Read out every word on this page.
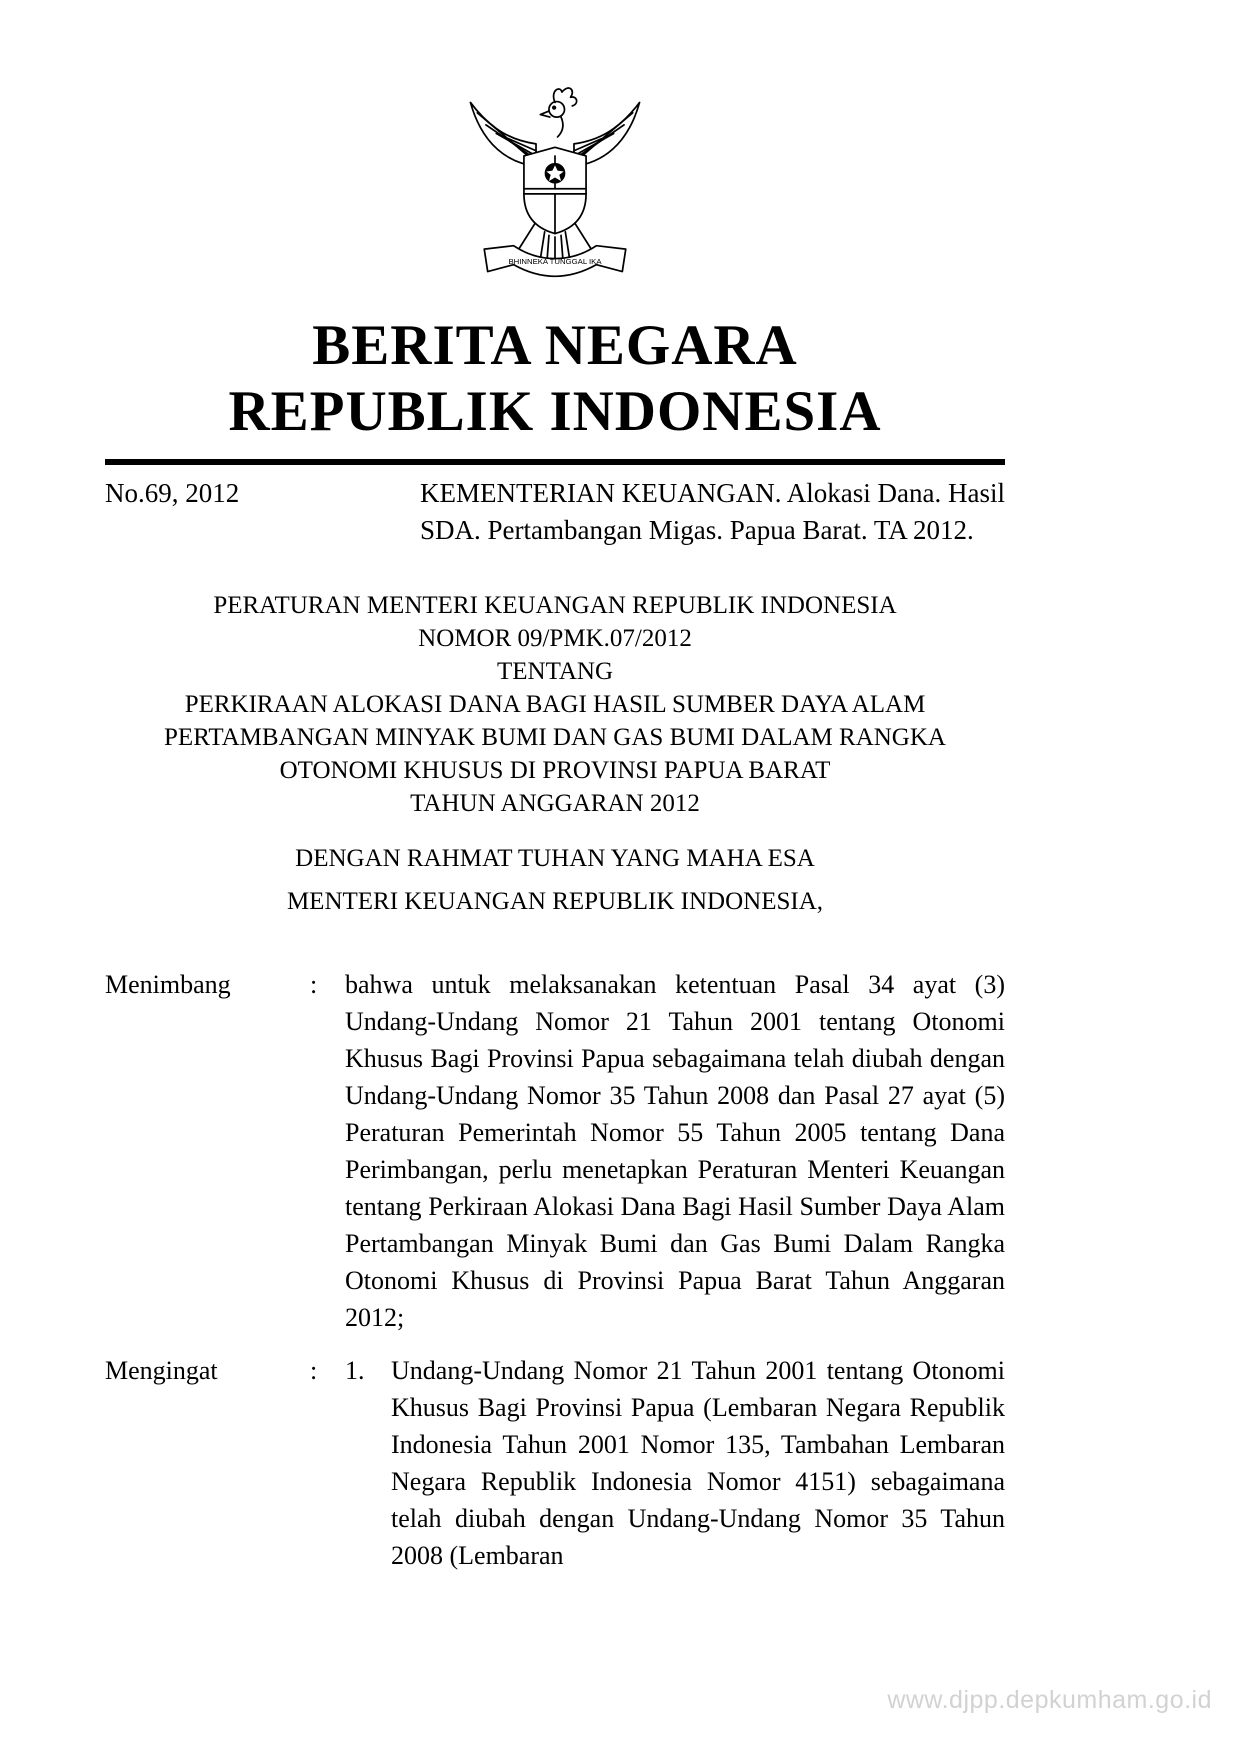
BHINNEKA TUNGGAL IKA
BERITA NEGARA
REPUBLIK INDONESIA
No.69, 2012	KEMENTERIAN KEUANGAN. Alokasi Dana. Hasil SDA. Pertambangan Migas. Papua Barat. TA 2012.
PERATURAN MENTERI KEUANGAN REPUBLIK INDONESIA
NOMOR 09/PMK.07/2012
TENTANG
PERKIRAAN ALOKASI DANA BAGI HASIL SUMBER DAYA ALAM
PERTAMBANGAN MINYAK BUMI DAN GAS BUMI DALAM RANGKA
OTONOMI KHUSUS DI PROVINSI PAPUA BARAT
TAHUN ANGGARAN 2012
DENGAN RAHMAT TUHAN YANG MAHA ESA
MENTERI KEUANGAN REPUBLIK INDONESIA,
Menimbang	:	bahwa untuk melaksanakan ketentuan Pasal 34 ayat (3) Undang-Undang Nomor 21 Tahun 2001 tentang Otonomi Khusus Bagi Provinsi Papua sebagaimana telah diubah dengan Undang-Undang Nomor 35 Tahun 2008 dan Pasal 27 ayat (5) Peraturan Pemerintah Nomor 55 Tahun 2005 tentang Dana Perimbangan, perlu menetapkan Peraturan Menteri Keuangan tentang Perkiraan Alokasi Dana Bagi Hasil Sumber Daya Alam Pertambangan Minyak Bumi dan Gas Bumi Dalam Rangka Otonomi Khusus di Provinsi Papua Barat Tahun Anggaran 2012;
Mengingat	:	1.	Undang-Undang Nomor 21 Tahun 2001 tentang Otonomi Khusus Bagi Provinsi Papua (Lembaran Negara Republik Indonesia Tahun 2001 Nomor 135, Tambahan Lembaran Negara Republik Indonesia Nomor 4151) sebagaimana telah diubah dengan Undang-Undang Nomor 35 Tahun 2008 (Lembaran
www.djpp.depkumham.go.id
